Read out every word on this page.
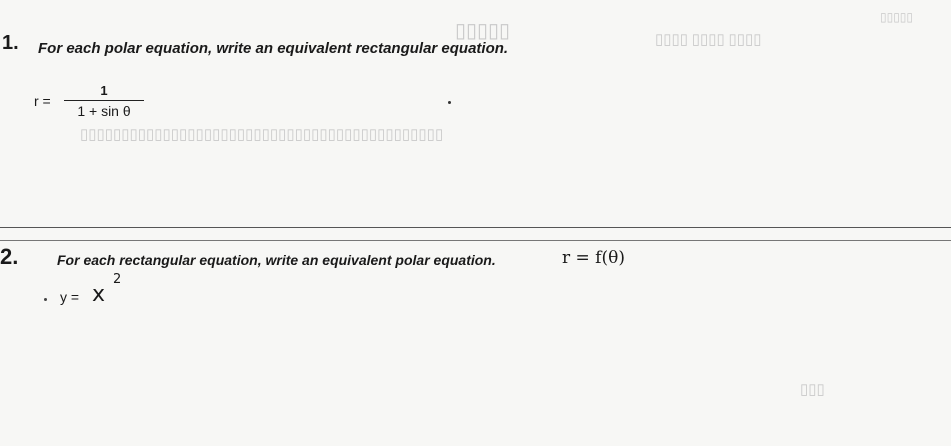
▯▯▯▯▯	▯▯▯▯ ▯▯▯▯ ▯▯▯▯
▯▯▯▯▯
▯▯▯▯▯▯▯▯▯▯▯▯▯▯▯▯▯▯▯▯▯▯▯▯▯▯▯▯▯▯▯▯▯▯▯▯▯▯▯▯▯▯▯▯
▯▯▯
1. For each polar equation, write an equivalent rectangular equation.
r =
1
1 + sin θ
2.	For each rectangular equation, write an equivalent polar equation.	r = f(θ)
y = x
2
